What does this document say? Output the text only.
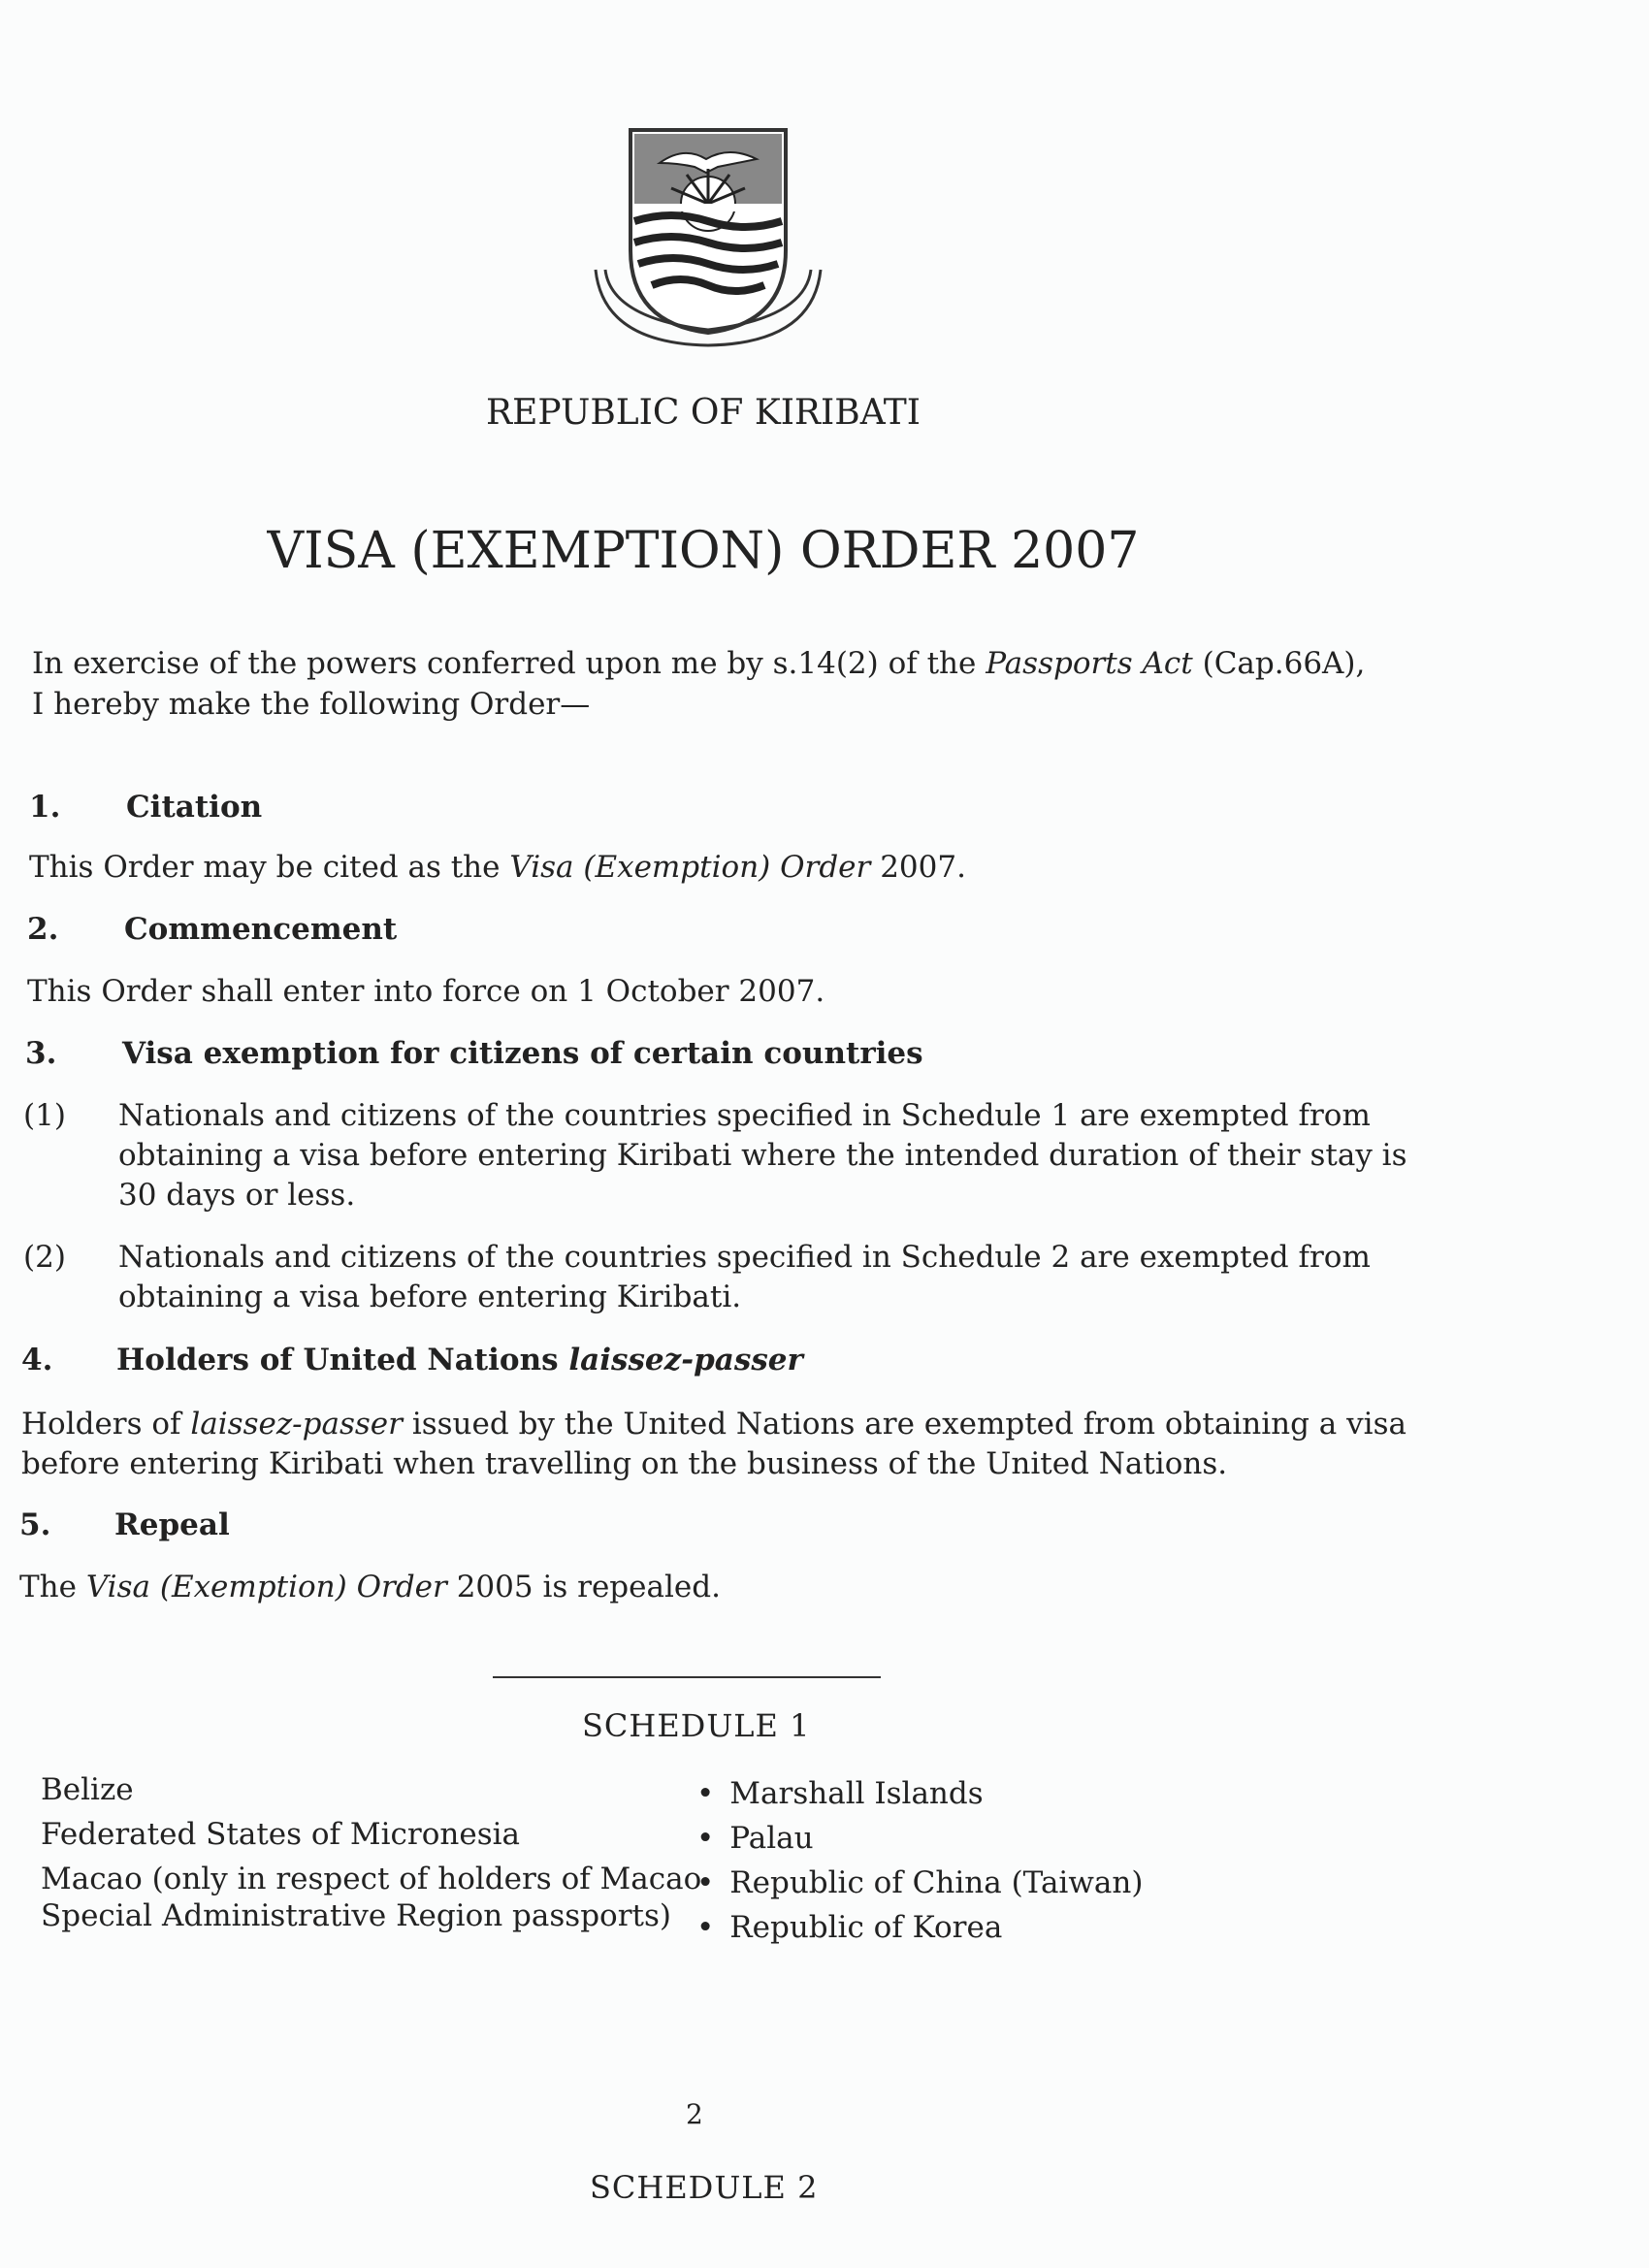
REPUBLIC OF KIRIBATI
VISA (EXEMPTION) ORDER 2007
In exercise of the powers conferred upon me by s.14(2) of the Passports Act (Cap.66A),
I hereby make the following Order—
1. Citation
This Order may be cited as the Visa (Exemption) Order 2007.
2. Commencement
This Order shall enter into force on 1 October 2007.
3. Visa exemption for citizens of certain countries
(1) Nationals and citizens of the countries specified in Schedule 1 are exempted from
obtaining a visa before entering Kiribati where the intended duration of their stay is
30 days or less.
(2) Nationals and citizens of the countries specified in Schedule 2 are exempted from
obtaining a visa before entering Kiribati.
4. Holders of United Nations laissez-passer
Holders of laissez-passer issued by the United Nations are exempted from obtaining a visa
before entering Kiribati when travelling on the business of the United Nations.
5. Repeal
The Visa (Exemption) Order 2005 is repealed.
SCHEDULE 1
Belize
Federated States of Micronesia
Macao (only in respect of holders of Macao
Special Administrative Region passports)
• Marshall Islands
• Palau
• Republic of China (Taiwan)
• Republic of Korea
2
SCHEDULE 2
